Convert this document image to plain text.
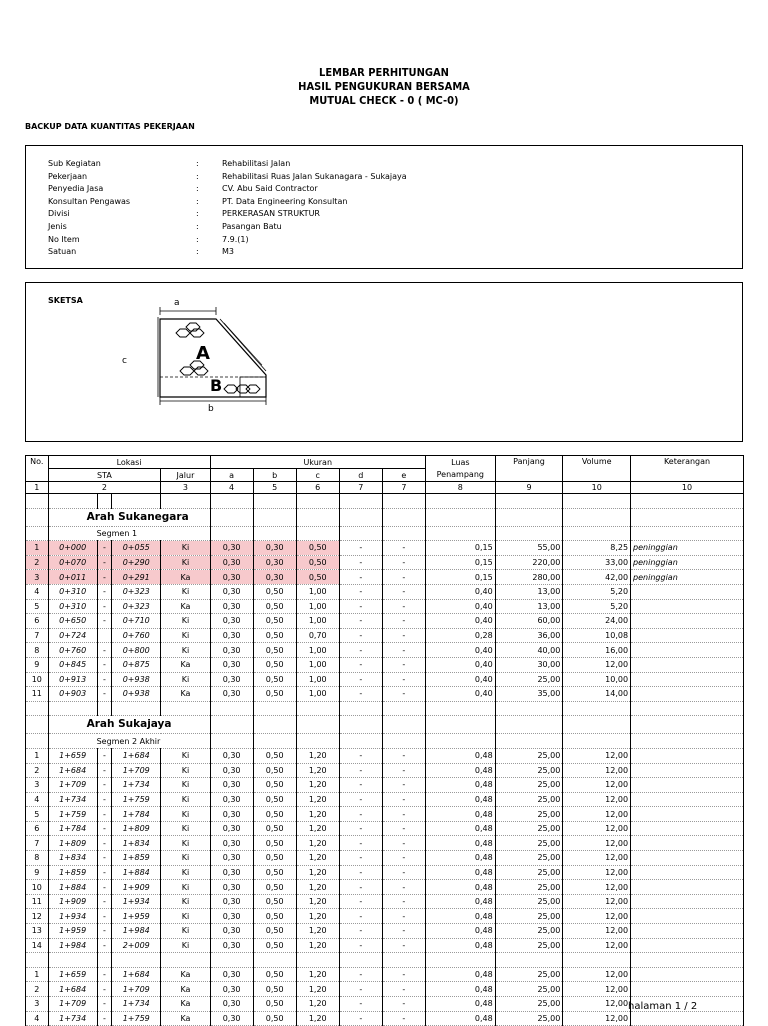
LEMBAR PERHITUNGAN
HASIL PENGUKURAN BERSAMA
MUTUAL CHECK - 0 ( MC-0)
BACKUP DATA KUANTITAS PEKERJAAN
Sub Kegiatan	:	Rehabilitasi Jalan
Pekerjaan	:	Rehabilitasi Ruas Jalan Sukanagara - Sukajaya
Penyedia Jasa	:	CV. Abu Said Contractor
Konsultan Pengawas	:	PT. Data Engineering Konsultan
Divisi	:	PERKERASAN STRUKTUR
Jenis	:	Pasangan Batu
No Item	:	7.9.(1)
Satuan	:	M3
SKETSA	a
c
b
A
B
No.	Lokasi				Ukuran					Luas
Penampang	Panjang	Volume	Keterangan
	STA			Jalur	a	b	c	d	e				
1	2			3	4	5	6	7	7	8	9	10	10

	Arah Sukanegara												
	Segmen 1												
1	0+000	-	0+055	Ki	0,30	0,30	0,50	-	-	0,15	55,00	8,25	peninggian
2	0+070	-	0+290	Ki	0,30	0,30	0,50	-	-	0,15	220,00	33,00	peninggian
3	0+011	-	0+291	Ka	0,30	0,30	0,50	-	-	0,15	280,00	42,00	peninggian
4	0+310	-	0+323	Ki	0,30	0,50	1,00	-	-	0,40	13,00	5,20	
5	0+310	-	0+323	Ka	0,30	0,50	1,00	-	-	0,40	13,00	5,20	
6	0+650	-	0+710	Ki	0,30	0,50	1,00	-	-	0,40	60,00	24,00	
7	0+724		0+760	Ki	0,30	0,50	0,70	-	-	0,28	36,00	10,08	
8	0+760	-	0+800	Ki	0,30	0,50	1,00	-	-	0,40	40,00	16,00	
9	0+845	-	0+875	Ka	0,30	0,50	1,00	-	-	0,40	30,00	12,00	
10	0+913	-	0+938	Ki	0,30	0,50	1,00	-	-	0,40	25,00	10,00	
11	0+903	-	0+938	Ka	0,30	0,50	1,00	-	-	0,40	35,00	14,00	

	Arah Sukajaya												
	Segmen 2 Akhir												
1	1+659	-	1+684	Ki	0,30	0,50	1,20	-	-	0,48	25,00	12,00	
2	1+684	-	1+709	Ki	0,30	0,50	1,20	-	-	0,48	25,00	12,00	
3	1+709	-	1+734	Ki	0,30	0,50	1,20	-	-	0,48	25,00	12,00	
4	1+734	-	1+759	Ki	0,30	0,50	1,20	-	-	0,48	25,00	12,00	
5	1+759	-	1+784	Ki	0,30	0,50	1,20	-	-	0,48	25,00	12,00	
6	1+784	-	1+809	Ki	0,30	0,50	1,20	-	-	0,48	25,00	12,00	
7	1+809	-	1+834	Ki	0,30	0,50	1,20	-	-	0,48	25,00	12,00	
8	1+834	-	1+859	Ki	0,30	0,50	1,20	-	-	0,48	25,00	12,00	
9	1+859	-	1+884	Ki	0,30	0,50	1,20	-	-	0,48	25,00	12,00	
10	1+884	-	1+909	Ki	0,30	0,50	1,20	-	-	0,48	25,00	12,00	
11	1+909	-	1+934	Ki	0,30	0,50	1,20	-	-	0,48	25,00	12,00	
12	1+934	-	1+959	Ki	0,30	0,50	1,20	-	-	0,48	25,00	12,00	
13	1+959	-	1+984	Ki	0,30	0,50	1,20	-	-	0,48	25,00	12,00	
14	1+984	-	2+009	Ki	0,30	0,50	1,20	-	-	0,48	25,00	12,00	

1	1+659	-	1+684	Ka	0,30	0,50	1,20	-	-	0,48	25,00	12,00	
2	1+684	-	1+709	Ka	0,30	0,50	1,20	-	-	0,48	25,00	12,00	
3	1+709	-	1+734	Ka	0,30	0,50	1,20	-	-	0,48	25,00	12,00	
4	1+734	-	1+759	Ka	0,30	0,50	1,20	-	-	0,48	25,00	12,00	
halaman 1 / 2
